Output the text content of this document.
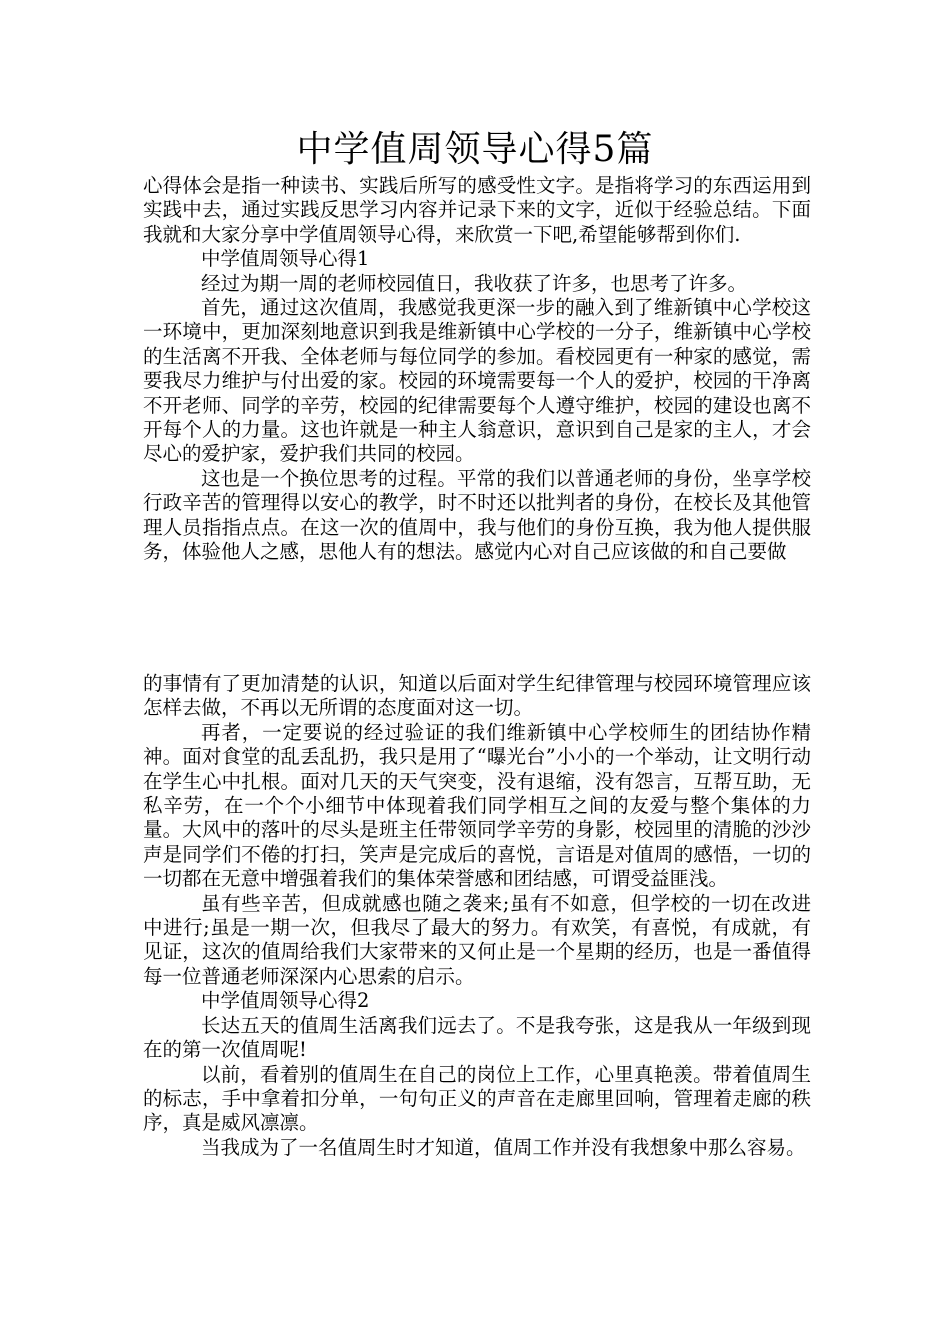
中学值周领导心得5篇

心得体会是指一种读书、实践后所写的感受性文字。是指将学习的东西运用到实践中去，通过实践反思学习内容并记录下来的文字，近似于经验总结。下面我就和大家分享中学值周领导心得，来欣赏一下吧,希望能够帮到你们.

中学值周领导心得1

经过为期一周的老师校园值日，我收获了许多，也思考了许多。

首先，通过这次值周，我感觉我更深一步的融入到了维新镇中心学校这一环境中，更加深刻地意识到我是维新镇中心学校的一分子，维新镇中心学校的生活离不开我、全体老师与每位同学的参加。看校园更有一种家的感觉，需要我尽力维护与付出爱的家。校园的环境需要每一个人的爱护，校园的干净离不开老师、同学的辛劳，校园的纪律需要每个人遵守维护，校园的建设也离不开每个人的力量。这也许就是一种主人翁意识，意识到自己是家的主人，才会尽心的爱护家，爱护我们共同的校园。

这也是一个换位思考的过程。平常的我们以普通老师的身份，坐享学校行政辛苦的管理得以安心的教学，时不时还以批判者的身份，在校长及其他管理人员指指点点。在这一次的值周中，我与他们的身份互换，我为他人提供服务，体验他人之感，思他人有的想法。感觉内心对自己应该做的和自己要做

的事情有了更加清楚的认识，知道以后面对学生纪律管理与校园环境管理应该怎样去做，不再以无所谓的态度面对这一切。

再者，一定要说的经过验证的我们维新镇中心学校师生的团结协作精神。面对食堂的乱丢乱扔，我只是用了“曝光台”小小的一个举动，让文明行动在学生心中扎根。面对几天的天气突变，没有退缩，没有怨言，互帮互助，无私辛劳，在一个个小细节中体现着我们同学相互之间的友爱与整个集体的力量。大风中的落叶的尽头是班主任带领同学辛劳的身影，校园里的清脆的沙沙声是同学们不倦的打扫，笑声是完成后的喜悦，言语是对值周的感悟，一切的一切都在无意中增强着我们的集体荣誉感和团结感，可谓受益匪浅。

虽有些辛苦，但成就感也随之袭来;虽有不如意，但学校的一切在改进中进行;虽是一期一次，但我尽了最大的努力。有欢笑，有喜悦，有成就，有见证，这次的值周给我们大家带来的又何止是一个星期的经历，也是一番值得每一位普通老师深深内心思索的启示。

中学值周领导心得2

长达五天的值周生活离我们远去了。不是我夸张，这是我从一年级到现在的第一次值周呢!

以前，看着别的值周生在自己的岗位上工作，心里真艳羡。带着值周生的标志，手中拿着扣分单，一句句正义的声音在走廊里回响，管理着走廊的秩序，真是威风凛凛。

当我成为了一名值周生时才知道，值周工作并没有我想象中那么容易。
